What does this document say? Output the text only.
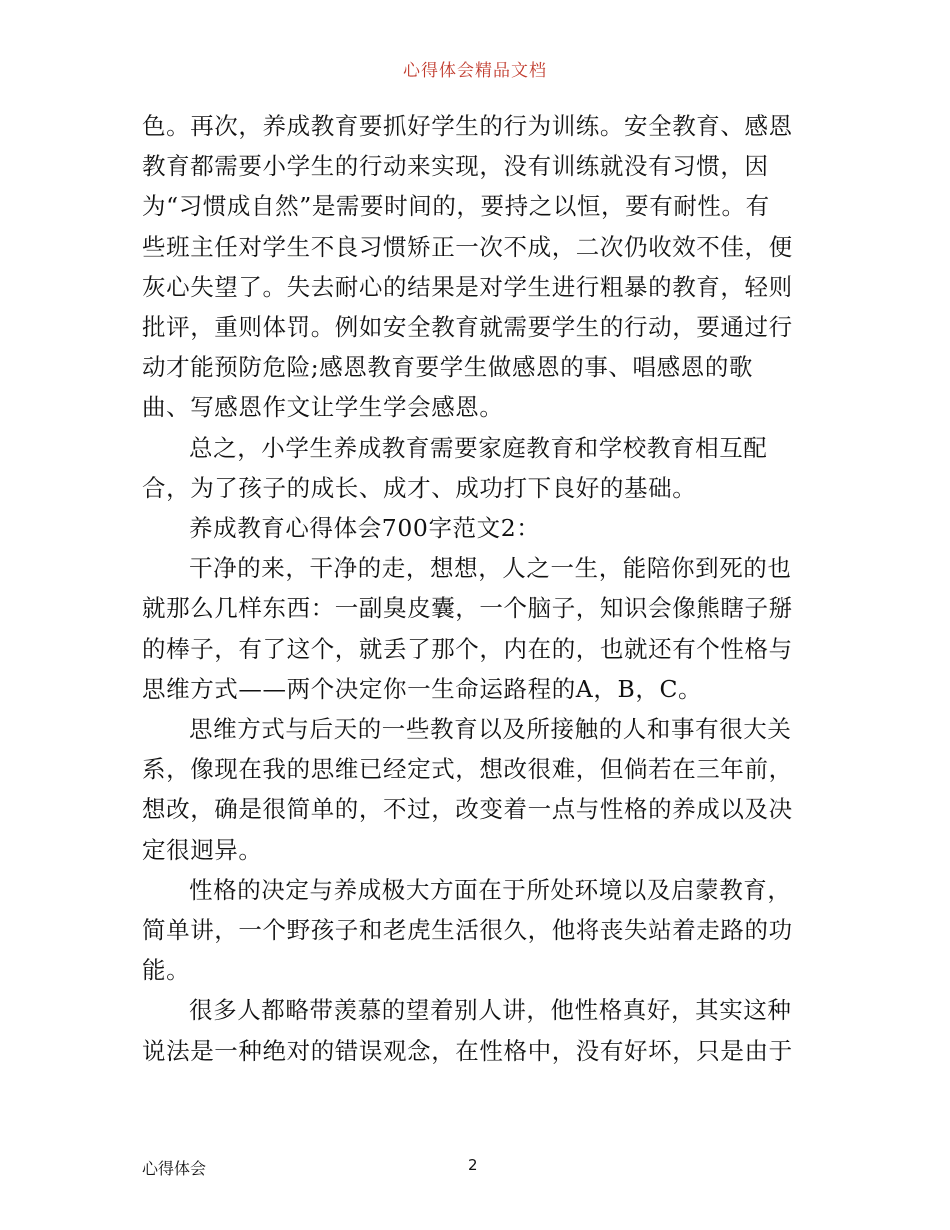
心得体会精品文档
色。再次，养成教育要抓好学生的行为训练。安全教育、感恩
教育都需要小学生的行动来实现，没有训练就没有习惯，因
为“习惯成自然”是需要时间的，要持之以恒，要有耐性。有
些班主任对学生不良习惯矫正一次不成，二次仍收效不佳，便
灰心失望了。失去耐心的结果是对学生进行粗暴的教育，轻则
批评，重则体罚。例如安全教育就需要学生的行动，要通过行
动才能预防危险;感恩教育要学生做感恩的事、唱感恩的歌
曲、写感恩作文让学生学会感恩。
总之，小学生养成教育需要家庭教育和学校教育相互配
合，为了孩子的成长、成才、成功打下良好的基础。
养成教育心得体会700字范文2：
干净的来，干净的走，想想，人之一生，能陪你到死的也
就那么几样东西：一副臭皮囊，一个脑子，知识会像熊瞎子掰
的棒子，有了这个，就丢了那个，内在的，也就还有个性格与
思维方式——两个决定你一生命运路程的A，B，C。
思维方式与后天的一些教育以及所接触的人和事有很大关
系，像现在我的思维已经定式，想改很难，但倘若在三年前，
想改，确是很简单的，不过，改变着一点与性格的养成以及决
定很迥异。
性格的决定与养成极大方面在于所处环境以及启蒙教育，
简单讲，一个野孩子和老虎生活很久，他将丧失站着走路的功
能。
很多人都略带羡慕的望着别人讲，他性格真好，其实这种
说法是一种绝对的错误观念，在性格中，没有好坏，只是由于
心得体会	2
